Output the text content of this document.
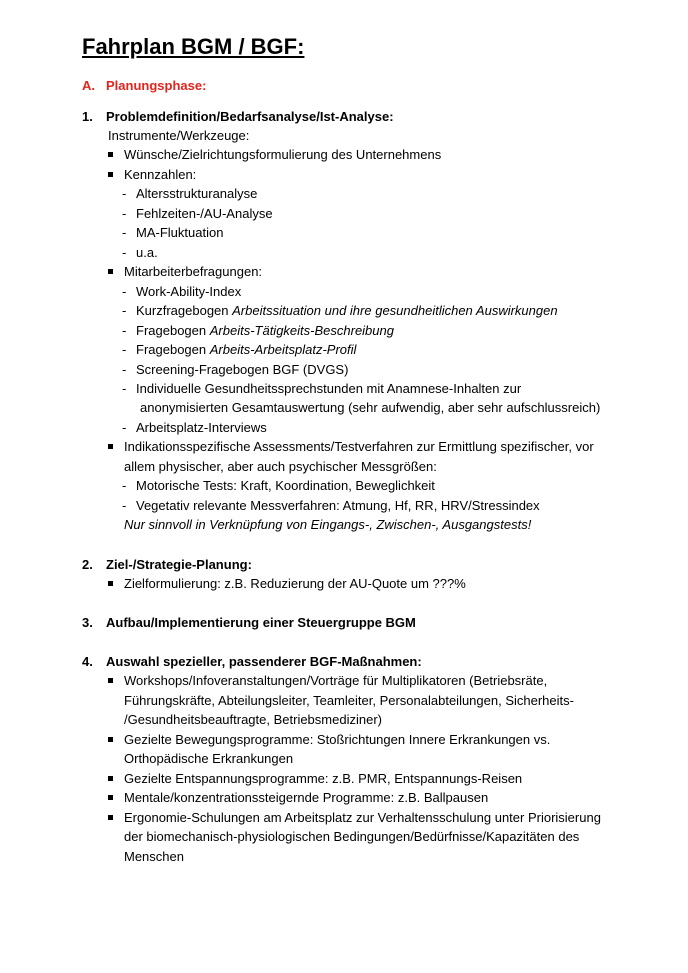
Fahrplan BGM / BGF:
A. Planungsphase:
1. Problemdefinition/Bedarfsanalyse/Ist-Analyse:
Instrumente/Werkzeuge:
Wünsche/Zielrichtungsformulierung des Unternehmens
Kennzahlen:
- Altersstrukturanalyse
- Fehlzeiten-/AU-Analyse
- MA-Fluktuation
- u.a.
Mitarbeiterbefragungen:
- Work-Ability-Index
- Kurzfragebogen Arbeitssituation und ihre gesundheitlichen Auswirkungen
- Fragebogen Arbeits-Tätigkeits-Beschreibung
- Fragebogen Arbeits-Arbeitsplatz-Profil
- Screening-Fragebogen BGF (DVGS)
- Individuelle Gesundheitssprechstunden mit Anamnese-Inhalten zur
anonymisierten Gesamtauswertung (sehr aufwendig, aber sehr aufschlussreich)
- Arbeitsplatz-Interviews
Indikationsspezifische Assessments/Testverfahren zur Ermittlung spezifischer, vor
allem physischer, aber auch psychischer Messgrößen:
- Motorische Tests: Kraft, Koordination, Beweglichkeit
- Vegetativ relevante Messverfahren: Atmung, Hf, RR, HRV/Stressindex
Nur sinnvoll in Verknüpfung von Eingangs-, Zwischen-, Ausgangstests!
2. Ziel-/Strategie-Planung:
Zielformulierung: z.B. Reduzierung der AU-Quote um ???%
3. Aufbau/Implementierung einer Steuergruppe BGM
4. Auswahl spezieller, passenderer BGF-Maßnahmen:
Workshops/Infoveranstaltungen/Vorträge für Multiplikatoren (Betriebsräte,
Führungskräfte, Abteilungsleiter, Teamleiter, Personalabteilungen, Sicherheits-
/Gesundheitsbeauftragte, Betriebsmediziner)
Gezielte Bewegungsprogramme: Stoßrichtungen Innere Erkrankungen vs.
Orthopädische Erkrankungen
Gezielte Entspannungsprogramme: z.B. PMR, Entspannungs-Reisen
Mentale/konzentrationssteigernde Programme: z.B. Ballpausen
Ergonomie-Schulungen am Arbeitsplatz zur Verhaltensschulung unter Priorisierung
der biomechanisch-physiologischen Bedingungen/Bedürfnisse/Kapazitäten des
Menschen
